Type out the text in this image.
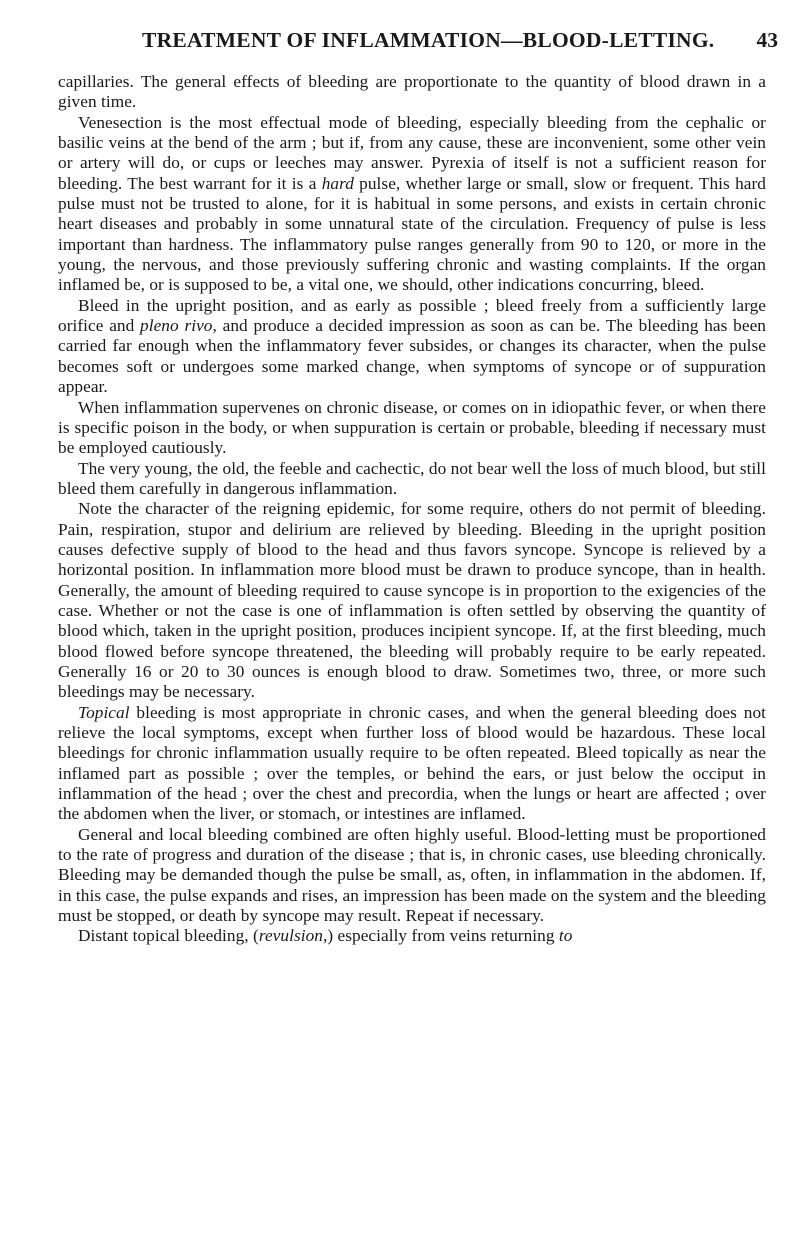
TREATMENT OF INFLAMMATION—BLOOD-LETTING. 43

capillaries. The general effects of bleeding are proportionate to the quantity of blood drawn in a given time.

Venesection is the most effectual mode of bleeding, especially bleeding from the cephalic or basilic veins at the bend of the arm ; but if, from any cause, these are inconvenient, some other vein or artery will do, or cups or leeches may answer. Pyrexia of itself is not a sufficient reason for bleeding. The best warrant for it is a hard pulse, whether large or small, slow or frequent. This hard pulse must not be trusted to alone, for it is habitual in some persons, and exists in certain chronic heart diseases and probably in some unnatural state of the circulation. Frequency of pulse is less important than hardness. The inflammatory pulse ranges generally from 90 to 120, or more in the young, the nervous, and those previously suffering chronic and wasting complaints. If the organ inflamed be, or is supposed to be, a vital one, we should, other indications concurring, bleed.

Bleed in the upright position, and as early as possible ; bleed freely from a sufficiently large orifice and pleno rivo, and produce a decided impression as soon as can be. The bleeding has been carried far enough when the inflammatory fever subsides, or changes its character, when the pulse becomes soft or undergoes some marked change, when symptoms of syncope or of suppuration appear.

When inflammation supervenes on chronic disease, or comes on in idiopathic fever, or when there is specific poison in the body, or when suppuration is certain or probable, bleeding if necessary must be employed cautiously.

The very young, the old, the feeble and cachectic, do not bear well the loss of much blood, but still bleed them carefully in dangerous inflammation.

Note the character of the reigning epidemic, for some require, others do not permit of bleeding. Pain, respiration, stupor and delirium are relieved by bleeding. Bleeding in the upright position causes defective supply of blood to the head and thus favors syncope. Syncope is relieved by a horizontal position. In inflammation more blood must be drawn to produce syncope, than in health. Generally, the amount of bleeding required to cause syncope is in proportion to the exigencies of the case. Whether or not the case is one of inflammation is often settled by observing the quantity of blood which, taken in the upright position, produces incipient syncope. If, at the first bleeding, much blood flowed before syncope threatened, the bleeding will probably require to be early repeated. Generally 16 or 20 to 30 ounces is enough blood to draw. Sometimes two, three, or more such bleedings may be necessary.

Topical bleeding is most appropriate in chronic cases, and when the general bleeding does not relieve the local symptoms, except when further loss of blood would be hazardous. These local bleedings for chronic inflammation usually require to be often repeated. Bleed topically as near the inflamed part as possible ; over the temples, or behind the ears, or just below the occiput in inflammation of the head ; over the chest and precordia, when the lungs or heart are affected ; over the abdomen when the liver, or stomach, or intestines are inflamed.

General and local bleeding combined are often highly useful. Blood-letting must be proportioned to the rate of progress and duration of the disease ; that is, in chronic cases, use bleeding chronically. Bleeding may be demanded though the pulse be small, as, often, in inflammation in the abdomen. If, in this case, the pulse expands and rises, an impression has been made on the system and the bleeding must be stopped, or death by syncope may result. Repeat if necessary.

Distant topical bleeding, (revulsion,) especially from veins returning to
